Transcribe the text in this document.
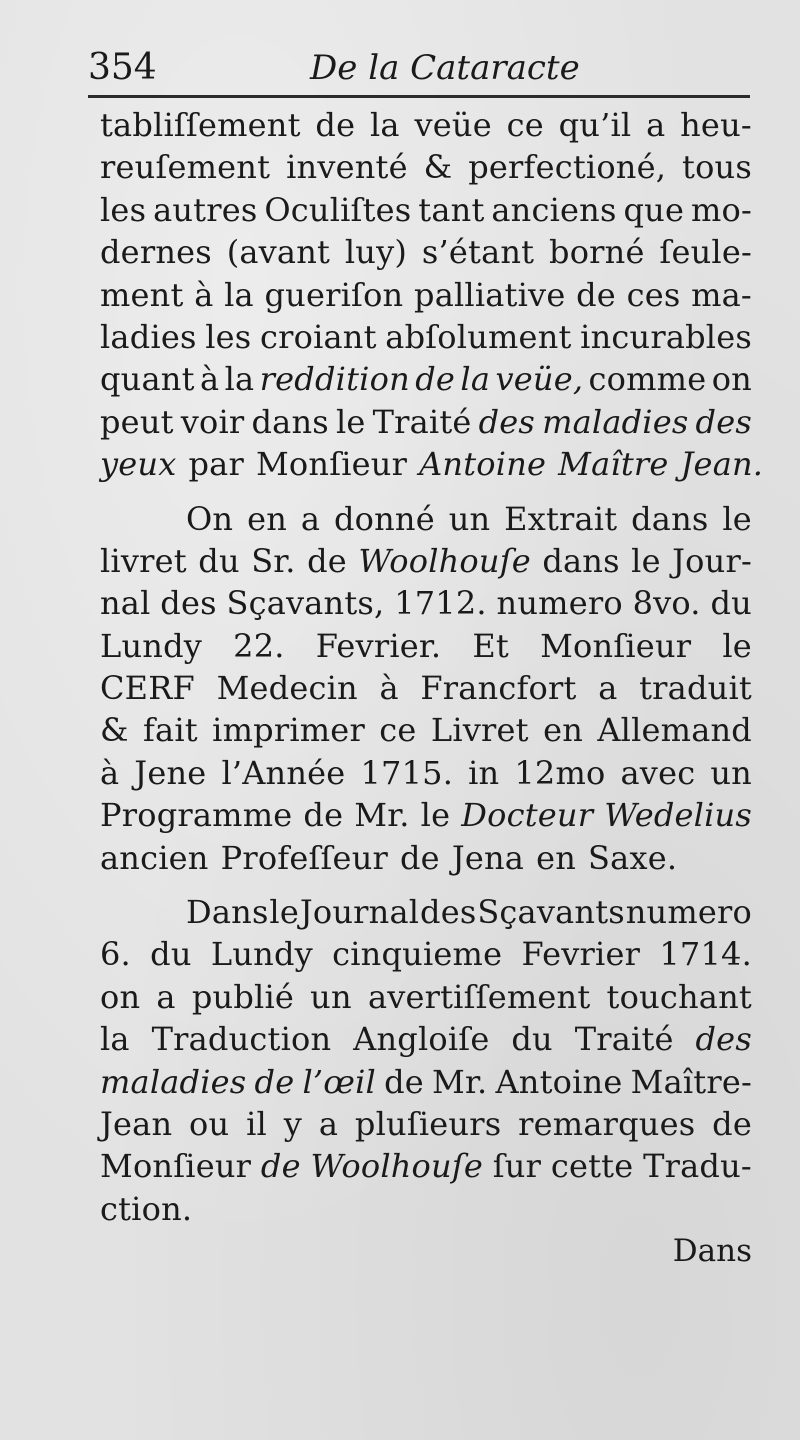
354	De la Cataracte
tabliſſement de la veüe ce qu’il a heu-
reuſement inventé & perfectioné, tous
les autres Oculiſtes tant anciens que mo-
dernes (avant luy) s’étant borné ſeule-
ment à la gueriſon palliative de ces ma-
ladies les croiant abſolument incurables
quant à la reddition de la veüe, comme on
peut voir dans le Traité des maladies des
yeux par Monſieur Antoine Maître Jean.
On en a donné un Extrait dans le
livret du Sr. de Woolhouſe dans le Jour-
nal des Sçavants, 1712. numero 8vo. du
Lundy 22. Fevrier. Et Monſieur le
CERF Medecin à Francfort a traduit
& fait imprimer ce Livret en Allemand
à Jene l’Année 1715. in 12mo avec un
Programme de Mr. le Docteur Wedelius
ancien Profeſſeur de Jena en Saxe.
Dans le Journal des Sçavants numero
6. du Lundy cinquieme Fevrier 1714.
on a publié un avertiſſement touchant
la Traduction Angloiſe du Traité des
maladies de l’œil de Mr. Antoine Maître-
Jean ou il y a pluſieurs remarques de
Monſieur de Woolhouſe ſur cette Tradu-
ction.
Dans
